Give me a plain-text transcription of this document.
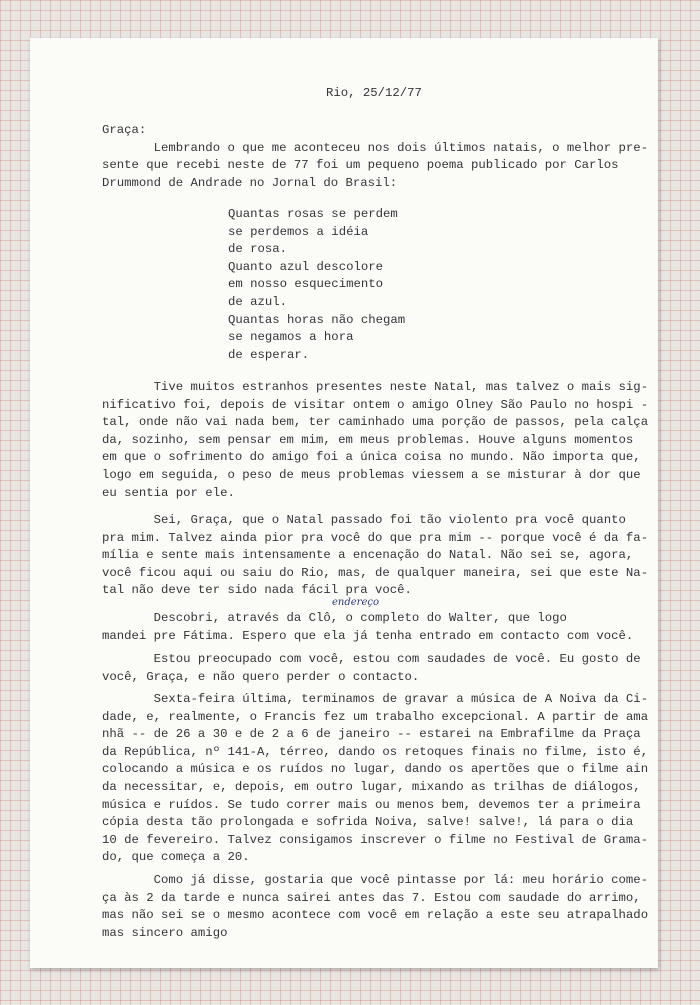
Rio, 25/12/77
Graça:
Lembrando o que me aconteceu nos dois últimos natais, o melhor pre-
sente que recebi neste de 77 foi um pequeno poema publicado por Carlos
Drummond de Andrade no Jornal do Brasil:
Quantas rosas se perdem
se perdemos a idéia
de rosa.
Quanto azul descolore
em nosso esquecimento
de azul.
Quantas horas não chegam
se negamos a hora
de esperar.
Tive muitos estranhos presentes neste Natal, mas talvez o mais sig-
nificativo foi, depois de visitar ontem o amigo Olney São Paulo no hospi -
tal, onde não vai nada bem, ter caminhado uma porção de passos, pela calça
da, sozinho, sem pensar em mim, em meus problemas. Houve alguns momentos
em que o sofrimento do amigo foi a única coisa no mundo. Não importa que,
logo em seguida, o peso de meus problemas viessem a se misturar à dor que
eu sentia por ele.
Sei, Graça, que o Natal passado foi tão violento pra você quanto
pra mim. Talvez ainda pior pra você do que pra mim -- porque você é da fa-
mília e sente mais intensamente a encenação do Natal. Não sei se, agora,
você ficou aqui ou saiu do Rio, mas, de qualquer maneira, sei que este Na-
tal não deve ter sido nada fácil pra você.
endereço
Descobri, através da Clô, o completo do Walter, que logo
mandei pre Fátima. Espero que ela já tenha entrado em contacto com você.
Estou preocupado com você, estou com saudades de você. Eu gosto de
você, Graça, e não quero perder o contacto.
Sexta-feira última, terminamos de gravar a música de A Noiva da Ci-
dade, e, realmente, o Francis fez um trabalho excepcional. A partir de ama
nhã -- de 26 a 30 e de 2 a 6 de janeiro -- estarei na Embrafilme da Praça
da República, nº 141-A, térreo, dando os retoques finais no filme, isto é,
colocando a música e os ruídos no lugar, dando os apertões que o filme ain
da necessitar, e, depois, em outro lugar, mixando as trilhas de diálogos,
música e ruídos. Se tudo correr mais ou menos bem, devemos ter a primeira
cópia desta tão prolongada e sofrida Noiva, salve! salve!, lá para o dia
10 de fevereiro. Talvez consigamos inscrever o filme no Festival de Grama-
do, que começa a 20.
Como já disse, gostaria que você pintasse por lá: meu horário come-
ça às 2 da tarde e nunca sairei antes das 7. Estou com saudade do arrimo,
mas não sei se o mesmo acontece com você em relação a este seu atrapalhado
mas sincero amigo
